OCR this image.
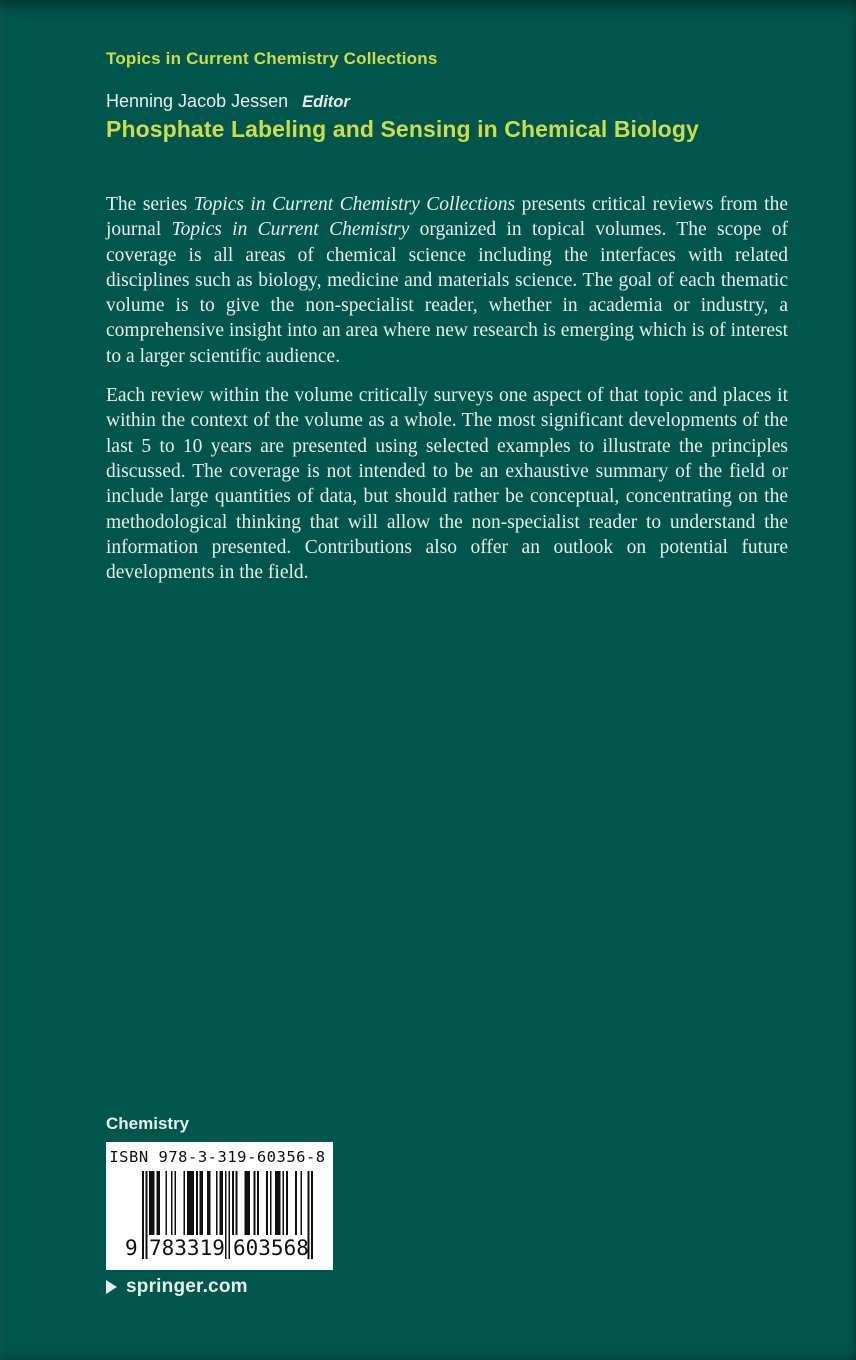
Topics in Current Chemistry Collections
Henning Jacob Jessen Editor
Phosphate Labeling and Sensing in Chemical Biology

The series Topics in Current Chemistry Collections presents critical reviews from the journal Topics in Current Chemistry organized in topical volumes. The scope of coverage is all areas of chemical science including the interfaces with related disciplines such as biology, medicine and materials science. The goal of each thematic volume is to give the non-specialist reader, whether in academia or industry, a comprehensive insight into an area where new research is emerging which is of interest to a larger scientific audience.

Each review within the volume critically surveys one aspect of that topic and places it within the context of the volume as a whole. The most significant developments of the last 5 to 10 years are presented using selected examples to illustrate the principles discussed. The coverage is not intended to be an exhaustive summary of the field or include large quantities of data, but should rather be conceptual, concentrating on the methodological thinking that will allow the non-specialist reader to understand the information presented. Contributions also offer an outlook on potential future developments in the field.

Chemistry
ISBN 978-3-319-60356-8
9 783319 603568
springer.com
